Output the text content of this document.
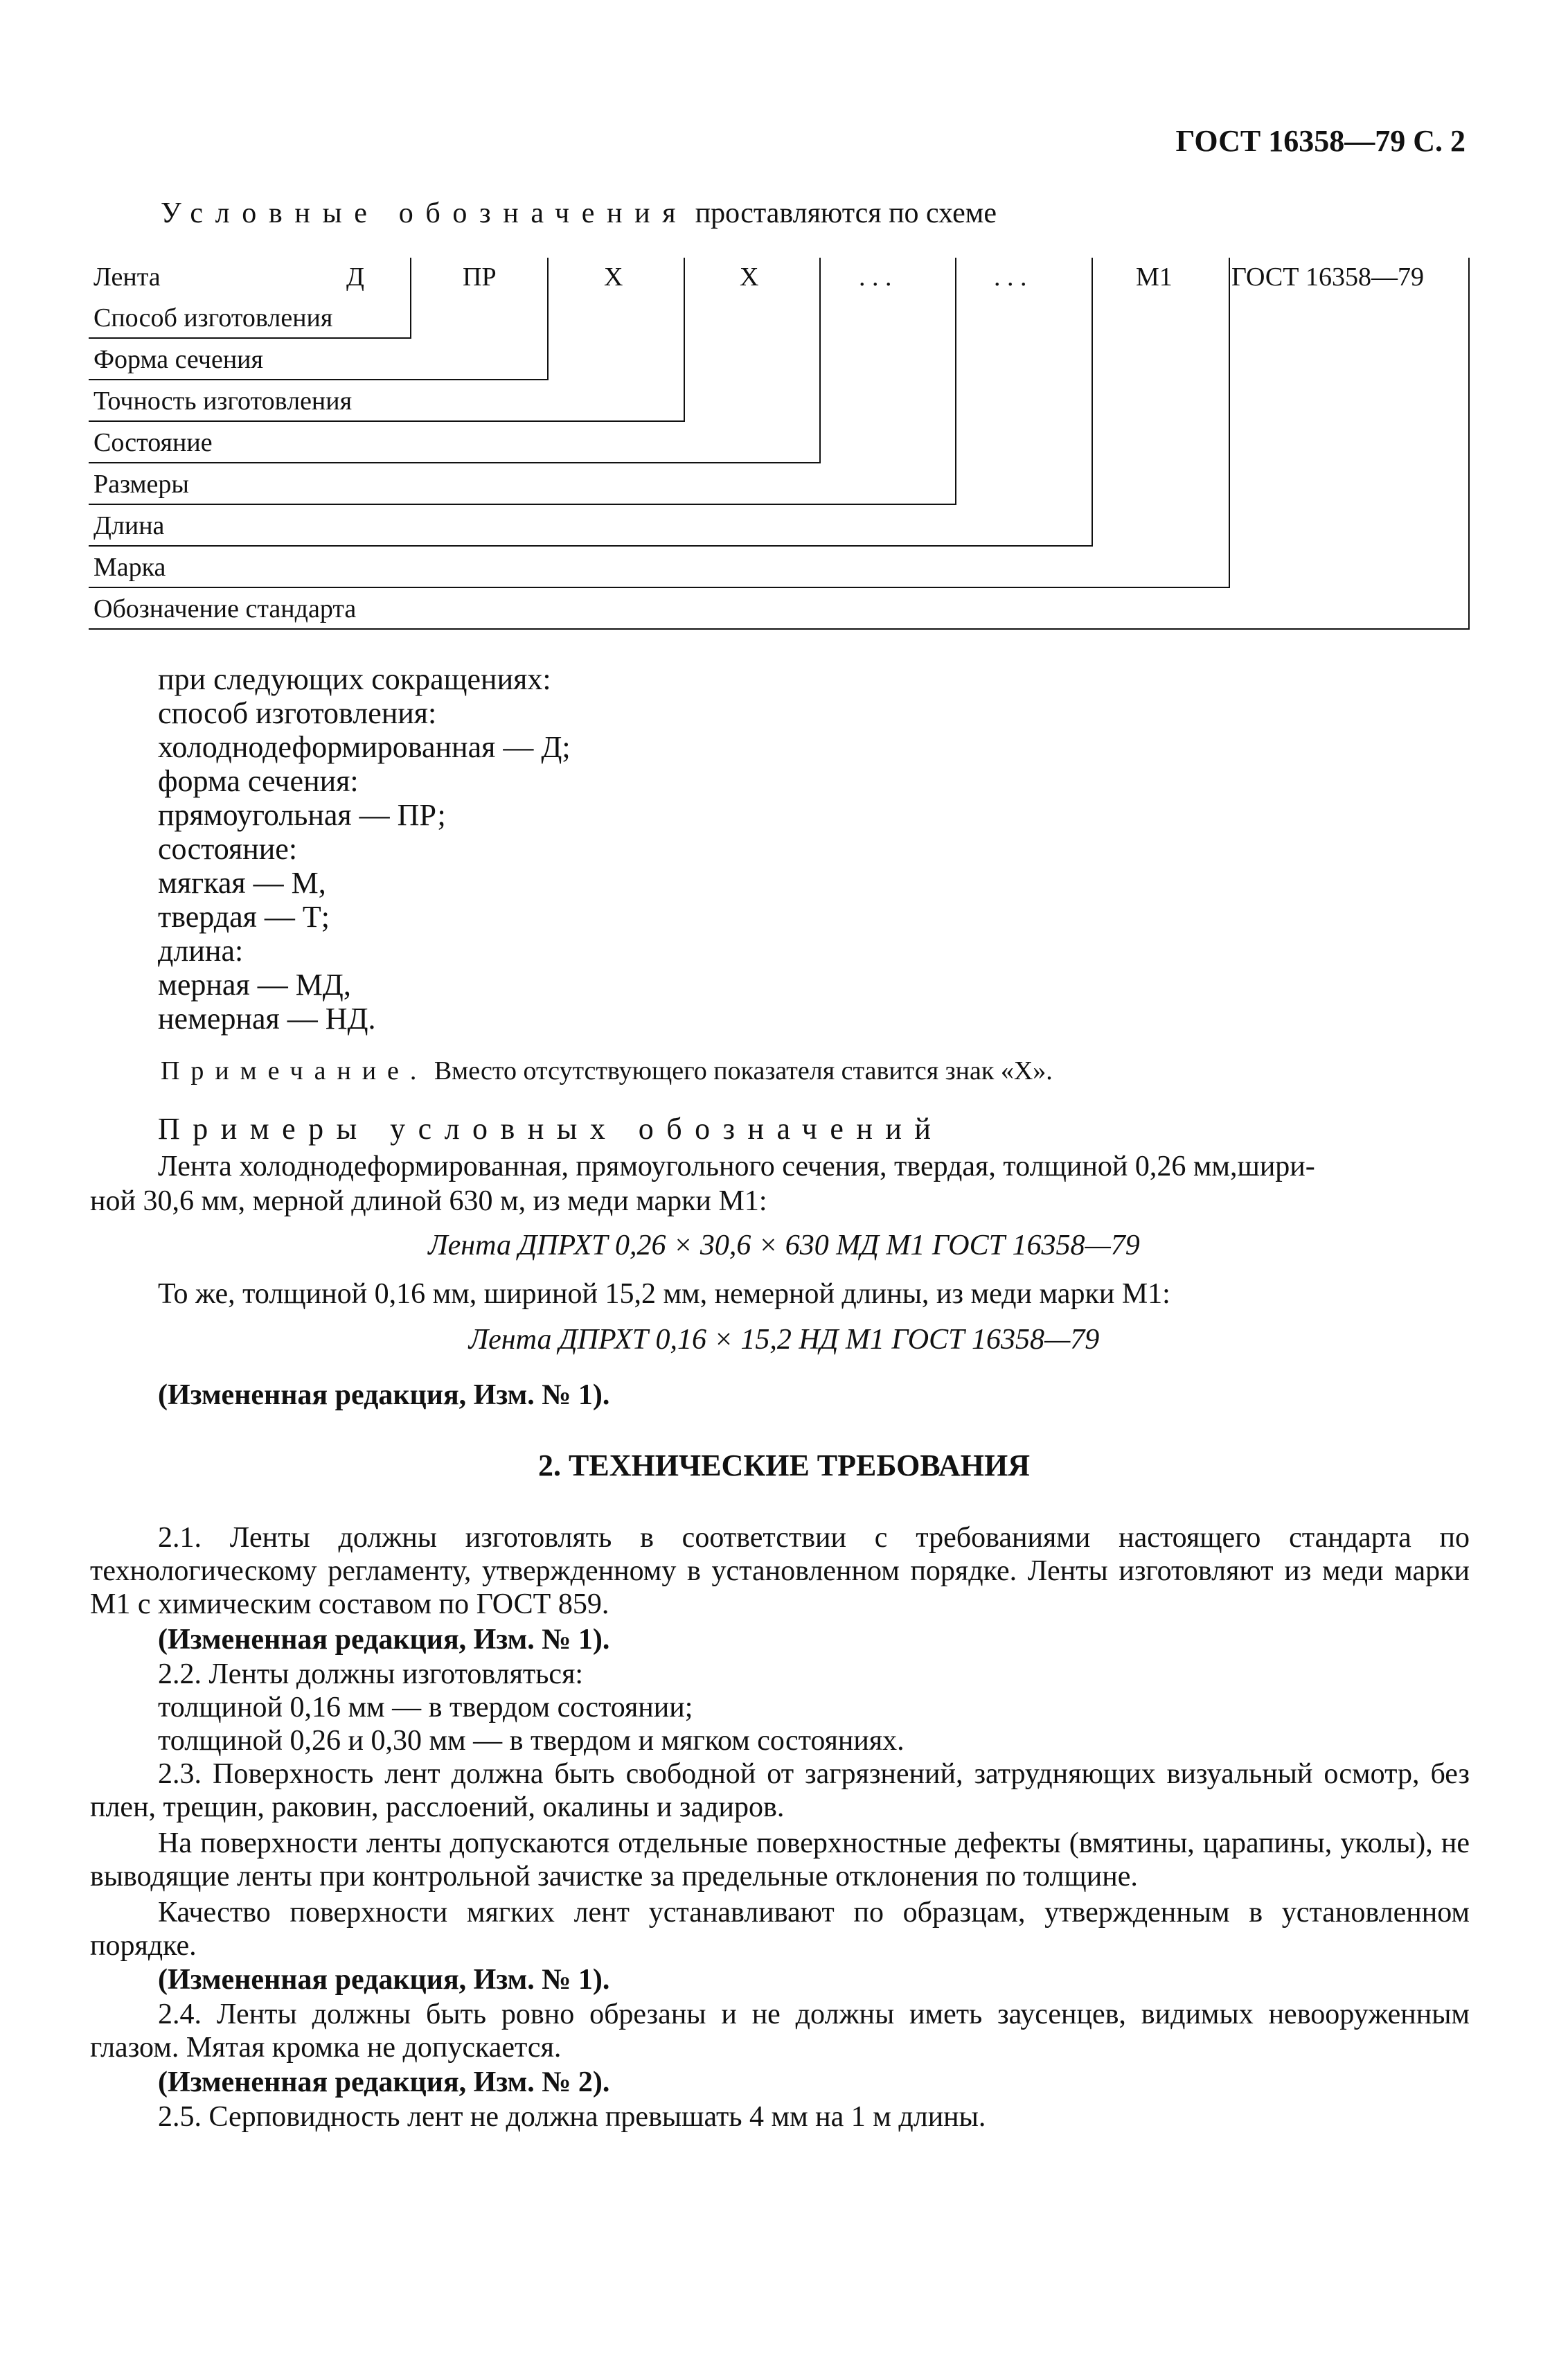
ГОСТ 16358—79 С. 2
Условные обозначения проставляются по схеме
Лента	Д	ПР	Х	Х	. . .	. . .	М1 ГОСТ 16358—79
Способ изготовления
Форма сечения
Точность изготовления
Состояние
Размеры
Длина
Марка
Обозначение стандарта
при следующих сокращениях:
способ изготовления:
холоднодеформированная — Д;
форма сечения:
прямоугольная — ПР;
состояние:
мягкая — М,
твердая — Т;
длина:
мерная — МД,
немерная — НД.
Примечание. Вместо отсутствующего показателя ставится знак «Х».
Примеры условных обозначений
Лента холоднодеформированная, прямоугольного сечения, твердая, толщиной 0,26 мм,шири-
ной 30,6 мм, мерной длиной 630 м, из меди марки М1:
Лента ДПРХТ 0,26 × 30,6 × 630 МД М1 ГОСТ 16358—79
То же, толщиной 0,16 мм, шириной 15,2 мм, немерной длины, из меди марки М1:
Лента ДПРХТ 0,16 × 15,2 НД М1 ГОСТ 16358—79
(Измененная редакция, Изм. № 1).
2. ТЕХНИЧЕСКИЕ ТРЕБОВАНИЯ
2.1. Ленты должны изготовлять в соответствии с требованиями настоящего стандарта по технологическому регламенту, утвержденному в установленном порядке. Ленты изготовляют из меди марки М1 с химическим составом по ГОСТ 859.
(Измененная редакция, Изм. № 1).
2.2. Ленты должны изготовляться:
толщиной 0,16 мм — в твердом состоянии;
толщиной 0,26 и 0,30 мм — в твердом и мягком состояниях.
2.3. Поверхность лент должна быть свободной от загрязнений, затрудняющих визуальный осмотр, без плен, трещин, раковин, расслоений, окалины и задиров.
На поверхности ленты допускаются отдельные поверхностные дефекты (вмятины, царапины, уколы), не выводящие ленты при контрольной зачистке за предельные отклонения по толщине.
Качество поверхности мягких лент устанавливают по образцам, утвержденным в установленном порядке.
(Измененная редакция, Изм. № 1).
2.4. Ленты должны быть ровно обрезаны и не должны иметь заусенцев, видимых невооруженным глазом. Мятая кромка не допускается.
(Измененная редакция, Изм. № 2).
2.5. Серповидность лент не должна превышать 4 мм на 1 м длины.
